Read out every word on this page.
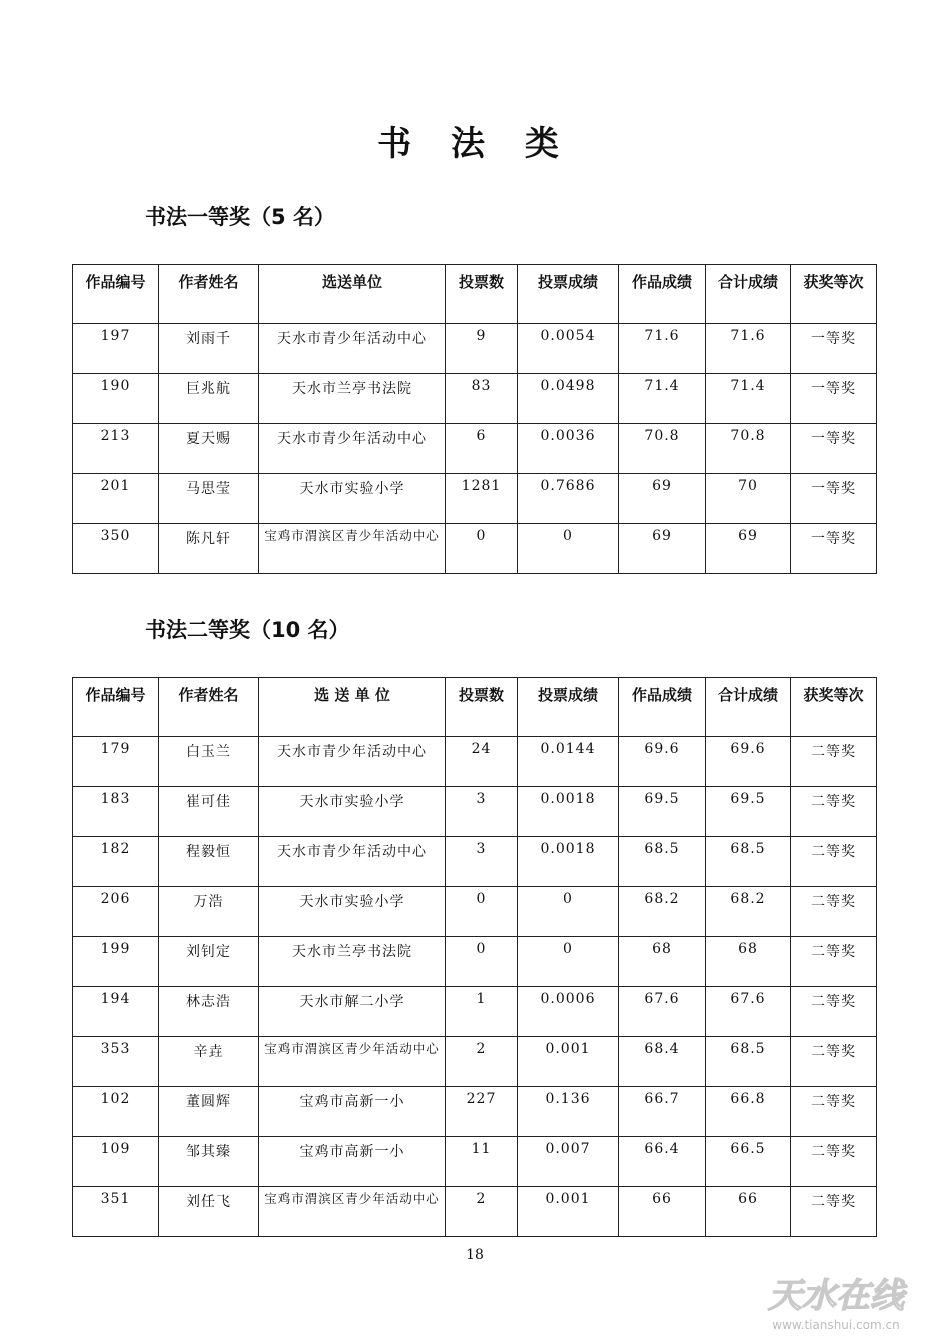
书 法 类
书法一等奖（5 名）
作品编号	作者姓名	选送单位	投票数	投票成绩	作品成绩	合计成绩	获奖等次
197	刘雨千	天水市青少年活动中心	9	0.0054	71.6	71.6	一等奖
190	巨兆航	天水市兰亭书法院	83	0.0498	71.4	71.4	一等奖
213	夏天赐	天水市青少年活动中心	6	0.0036	70.8	70.8	一等奖
201	马思莹	天水市实验小学	1281	0.7686	69	70	一等奖
350	陈凡轩	宝鸡市渭滨区青少年活动中心	0	0	69	69	一等奖
书法二等奖（10 名）
作品编号	作者姓名	选 送 单 位	投票数	投票成绩	作品成绩	合计成绩	获奖等次
179	白玉兰	天水市青少年活动中心	24	0.0144	69.6	69.6	二等奖
183	崔可佳	天水市实验小学	3	0.0018	69.5	69.5	二等奖
182	程毅恒	天水市青少年活动中心	3	0.0018	68.5	68.5	二等奖
206	万浩	天水市实验小学	0	0	68.2	68.2	二等奖
199	刘钊定	天水市兰亭书法院	0	0	68	68	二等奖
194	林志浩	天水市解二小学	1	0.0006	67.6	67.6	二等奖
353	辛垚	宝鸡市渭滨区青少年活动中心	2	0.001	68.4	68.5	二等奖
102	董圆辉	宝鸡市高新一小	227	0.136	66.7	66.8	二等奖
109	邹其臻	宝鸡市高新一小	11	0.007	66.4	66.5	二等奖
351	刘任飞	宝鸡市渭滨区青少年活动中心	2	0.001	66	66	二等奖
18
天水在线
www.tianshui.com.cn
